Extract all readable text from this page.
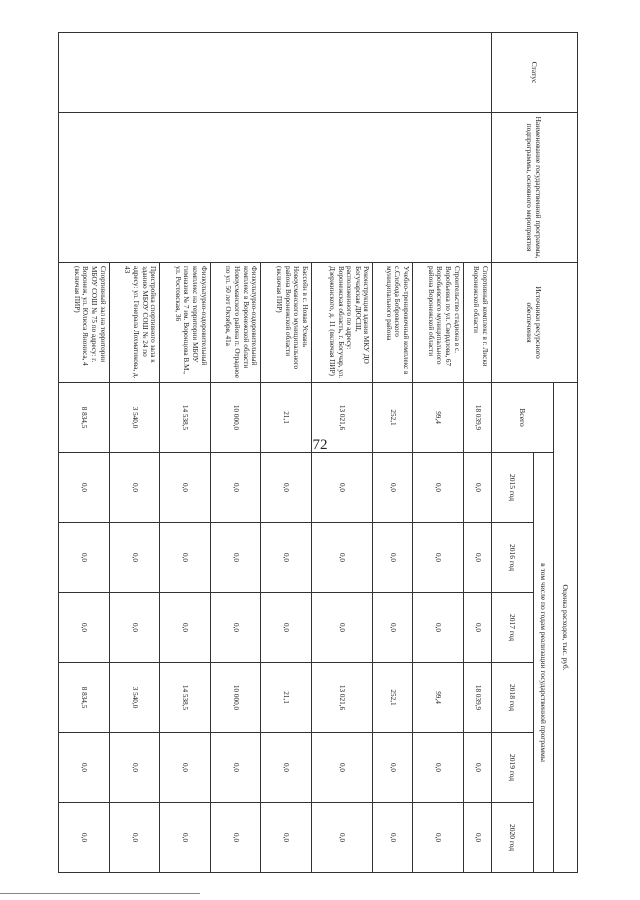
72
Статус	Наименование государственной программы, подпрограммы, основного мероприятия	Источники ресурсного обеспечения	Оценка расходов, тыс. руб.						
			Всего	в том числе по годам реализации государственной программы					
				2015 год	2016 год	2017 год	2018 год	2019 год	2020 год
		Спортивный комплекс в г. Лиски Воронежской области	18 039,9	0,0	0,0	0,0	18 039,9	0,0	0,0
		Строительство стадиона в с. Воробьевка по ул. Свердлова, 67 Воробьевского муниципального района Воронежской области	99,4	0,0	0,0	0,0	99,4	0,0	0,0
		Учебно-тренировочный комплекс в с.Слобода Бобровского муниципального района	252,1	0,0	0,0	0,0	252,1	0,0	0,0
		Реконструкция здания МКУ ДО Богучарская ДЮСШ, расположенного по адресу: Воронежская область, г. Богучар, ул. Дзержинского, д. 11 (включая ПИР)	13 021,6	0,0	0,0	0,0	13 021,6	0,0	0,0
		Бассейн в с. Новая Усмань Новоусманского муниципального района Воронежской области (включая ПИР)	21,1	0,0	0,0	0,0	21,1	0,0	0,0
		Физкультурно-оздоровительный комплекс в Воронежской области Новоусманского района п. Отрадное по ул. 50 лет Октября, 41а	10 000,0	0,0	0,0	0,0	10 000,0	0,0	0,0
		Физкультурно-оздоровительный комплекс на территории МБОУ гимназия № 7 им. Воронцова В.М., ул. Ростовская, 36	14 538,5	0,0	0,0	0,0	14 538,5	0,0	0,0
		Пристройка спортивного зала к зданию МБОУ СОШ № 24 по адресу: ул. Генерала Лохматикова, д. 43	3 540,0	0,0	0,0	0,0	3 540,0	0,0	0,0
		Спортивный зал на территории МБОУ СОШ № 75 по адресу: г. Воронеж, ул. Юлюса Янониса, 4 (включая ПИР)	8 834,5	0,0	0,0	0,0	8 834,5	0,0	0,0
